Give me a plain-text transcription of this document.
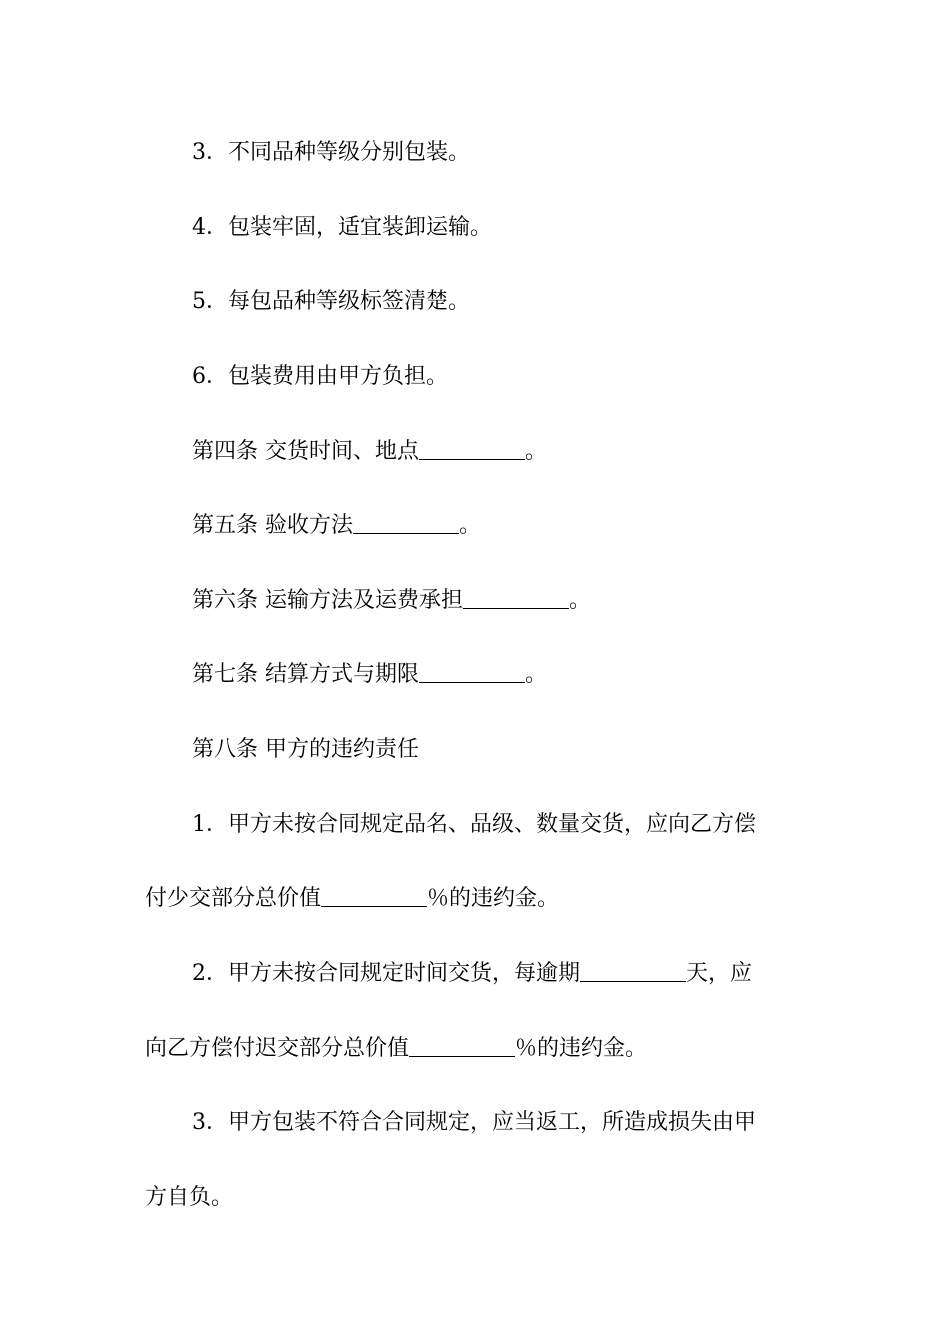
3．不同品种等级分别包装。

4．包装牢固，适宜装卸运输。

5．每包品种等级标签清楚。

6．包装费用由甲方负担。

第四条 交货时间、地点	。

第五条 验收方法	。

第六条 运输方法及运费承担	。

第七条 结算方式与期限	。

第八条 甲方的违约责任

1．甲方未按合同规定品名、品级、数量交货，应向乙方偿

付少交部分总价值	％的违约金。

2．甲方未按合同规定时间交货，每逾期	天，应

向乙方偿付迟交部分总价值	％的违约金。

3．甲方包装不符合合同规定，应当返工，所造成损失由甲

方自负。
